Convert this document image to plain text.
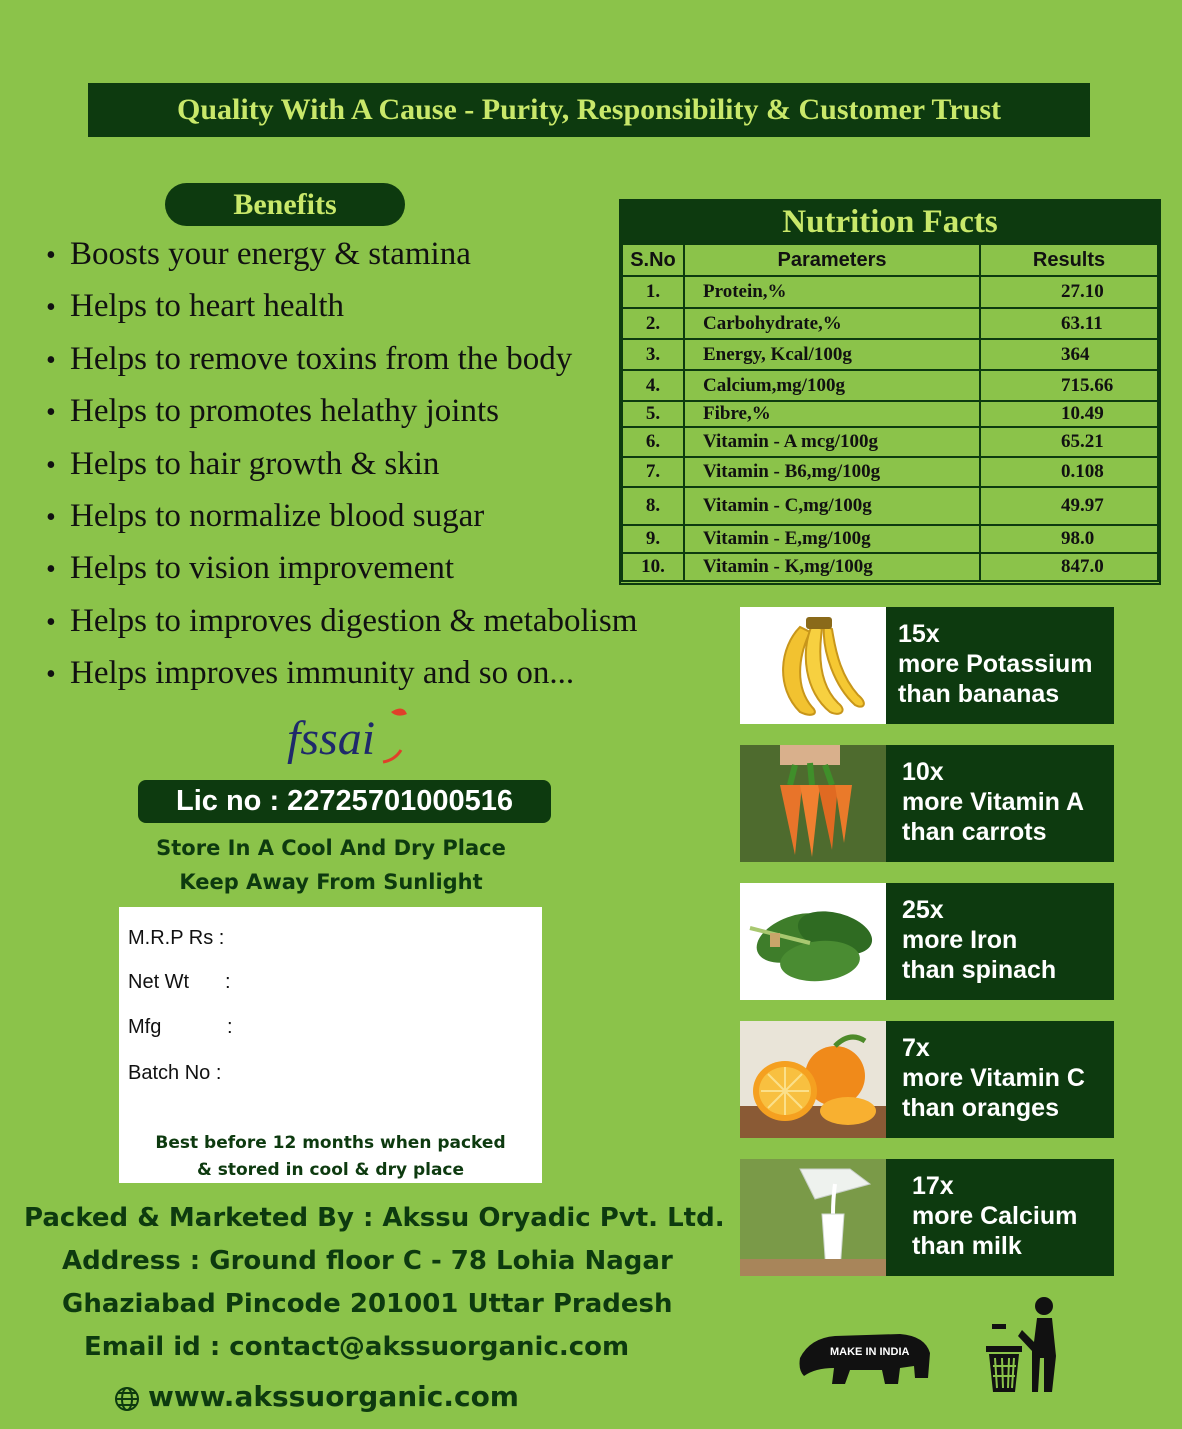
Quality With A Cause - Purity, Responsibility & Customer Trust
Benefits
• Boosts your energy & stamina
• Helps to heart health
• Helps to remove toxins from the body
• Helps to promotes helathy joints
• Helps to hair growth & skin
• Helps to normalize blood sugar
• Helps to vision improvement
• Helps to improves digestion & metabolism
• Helps improves immunity and so on...
Nutrition Facts
S.No	Parameters	Results
1.	Protein,%	27.10
2.	Carbohydrate,%	63.11
3.	Energy, Kcal/100g	364
4.	Calcium,mg/100g	715.66
5.	Fibre,%	10.49
6.	Vitamin - A mcg/100g	65.21
7.	Vitamin - B6,mg/100g	0.108
8.	Vitamin - C,mg/100g	49.97
9.	Vitamin - E,mg/100g	98.0
10.	Vitamin - K,mg/100g	847.0
15x
more Potassium
than bananas
10x
more Vitamin A
than carrots
25x
more Iron
than spinach
7x
more Vitamin C
than oranges
17x
more Calcium
than milk
fssai
Lic no : 22725701000516
Store In A Cool And Dry Place
Keep Away From Sunlight
M.R.P Rs :
Net Wt :
Mfg	:
Batch No :
Best before 12 months when packed
& stored in cool & dry place
Packed & Marketed By : Akssu Oryadic Pvt. Ltd.
Address : Ground floor C - 78 Lohia Nagar
Ghaziabad Pincode 201001 Uttar Pradesh
Email id : contact@akssuorganic.com
www.akssuorganic.com
MAKE IN INDIA
